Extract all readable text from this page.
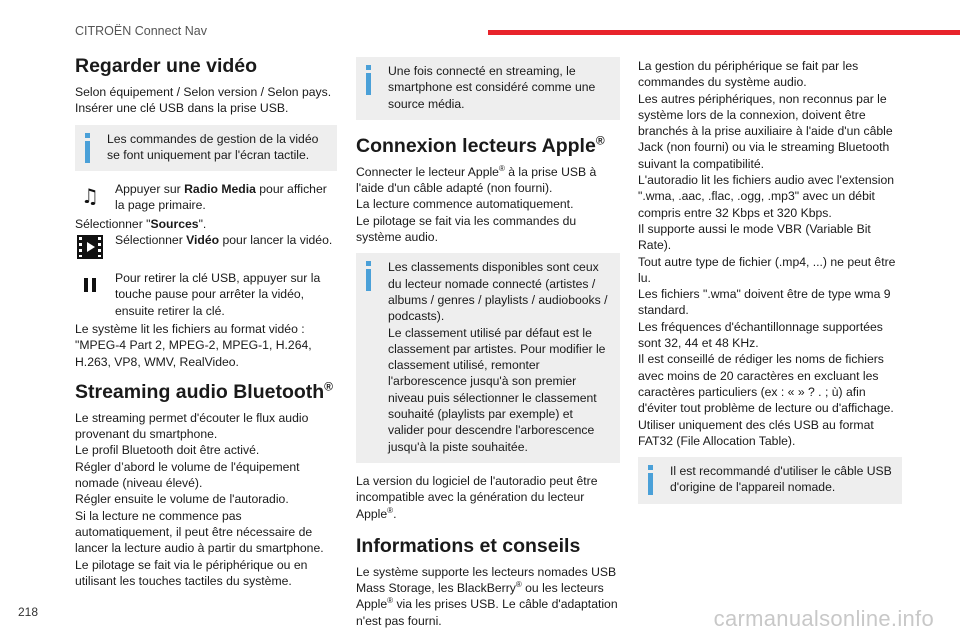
CITROËN Connect Nav
Regarder une vidéo
Selon équipement / Selon version / Selon pays.
Insérer une clé USB dans la prise USB.
Les commandes de gestion de la vidéo se font uniquement par l'écran tactile.
♫	Appuyer sur Radio Media pour afficher la page primaire.
Sélectionner "Sources".
Sélectionner Vidéo pour lancer la vidéo.
Pour retirer la clé USB, appuyer sur la touche pause pour arrêter la vidéo, ensuite retirer la clé.
Le système lit les fichiers au format vidéo : "MPEG-4 Part 2, MPEG-2, MPEG-1, H.264, H.263, VP8, WMV, RealVideo.
Streaming audio Bluetooth®
Le streaming permet d'écouter le flux audio provenant du smartphone.
Le profil Bluetooth doit être activé.
Régler d’abord le volume de l'équipement nomade (niveau élevé).
Régler ensuite le volume de l'autoradio.
Si la lecture ne commence pas automatiquement, il peut être nécessaire de lancer la lecture audio à partir du smartphone.
Le pilotage se fait via le périphérique ou en utilisant les touches tactiles du système.
Une fois connecté en streaming, le smartphone est considéré comme une source média.
Connexion lecteurs Apple®
Connecter le lecteur Apple® à la prise USB à l'aide d'un câble adapté (non fourni).
La lecture commence automatiquement.
Le pilotage se fait via les commandes du système audio.
Les classements disponibles sont ceux du lecteur nomade connecté (artistes / albums / genres / playlists / audiobooks / podcasts).
Le classement utilisé par défaut est le classement par artistes. Pour modifier le classement utilisé, remonter l'arborescence jusqu'à son premier niveau puis sélectionner le classement souhaité (playlists par exemple) et valider pour descendre l'arborescence jusqu'à la piste souhaitée.
La version du logiciel de l'autoradio peut être incompatible avec la génération du lecteur Apple®.
Informations et conseils
Le système supporte les lecteurs nomades USB Mass Storage, les BlackBerry® ou les lecteurs Apple® via les prises USB. Le câble d'adaptation n'est pas fourni.
La gestion du périphérique se fait par les commandes du système audio.
Les autres périphériques, non reconnus par le système lors de la connexion, doivent être branchés à la prise auxiliaire à l'aide d'un câble Jack (non fourni) ou via le streaming Bluetooth suivant la compatibilité.
L'autoradio lit les fichiers audio avec l'extension ".wma, .aac, .flac, .ogg, .mp3" avec un débit compris entre 32 Kbps et 320 Kbps.
Il supporte aussi le mode VBR (Variable Bit Rate).
Tout autre type de fichier (.mp4, ...) ne peut être lu.
Les fichiers ".wma" doivent être de type wma 9 standard.
Les fréquences d'échantillonnage supportées sont 32, 44 et 48 KHz.
Il est conseillé de rédiger les noms de fichiers avec moins de 20 caractères en excluant les caractères particuliers (ex : « » ? . ; ù) afin d'éviter tout problème de lecture ou d'affichage.
Utiliser uniquement des clés USB au format FAT32 (File Allocation Table).
Il est recommandé d'utiliser le câble USB d'origine de l'appareil nomade.
218	carmanualsonline.info
